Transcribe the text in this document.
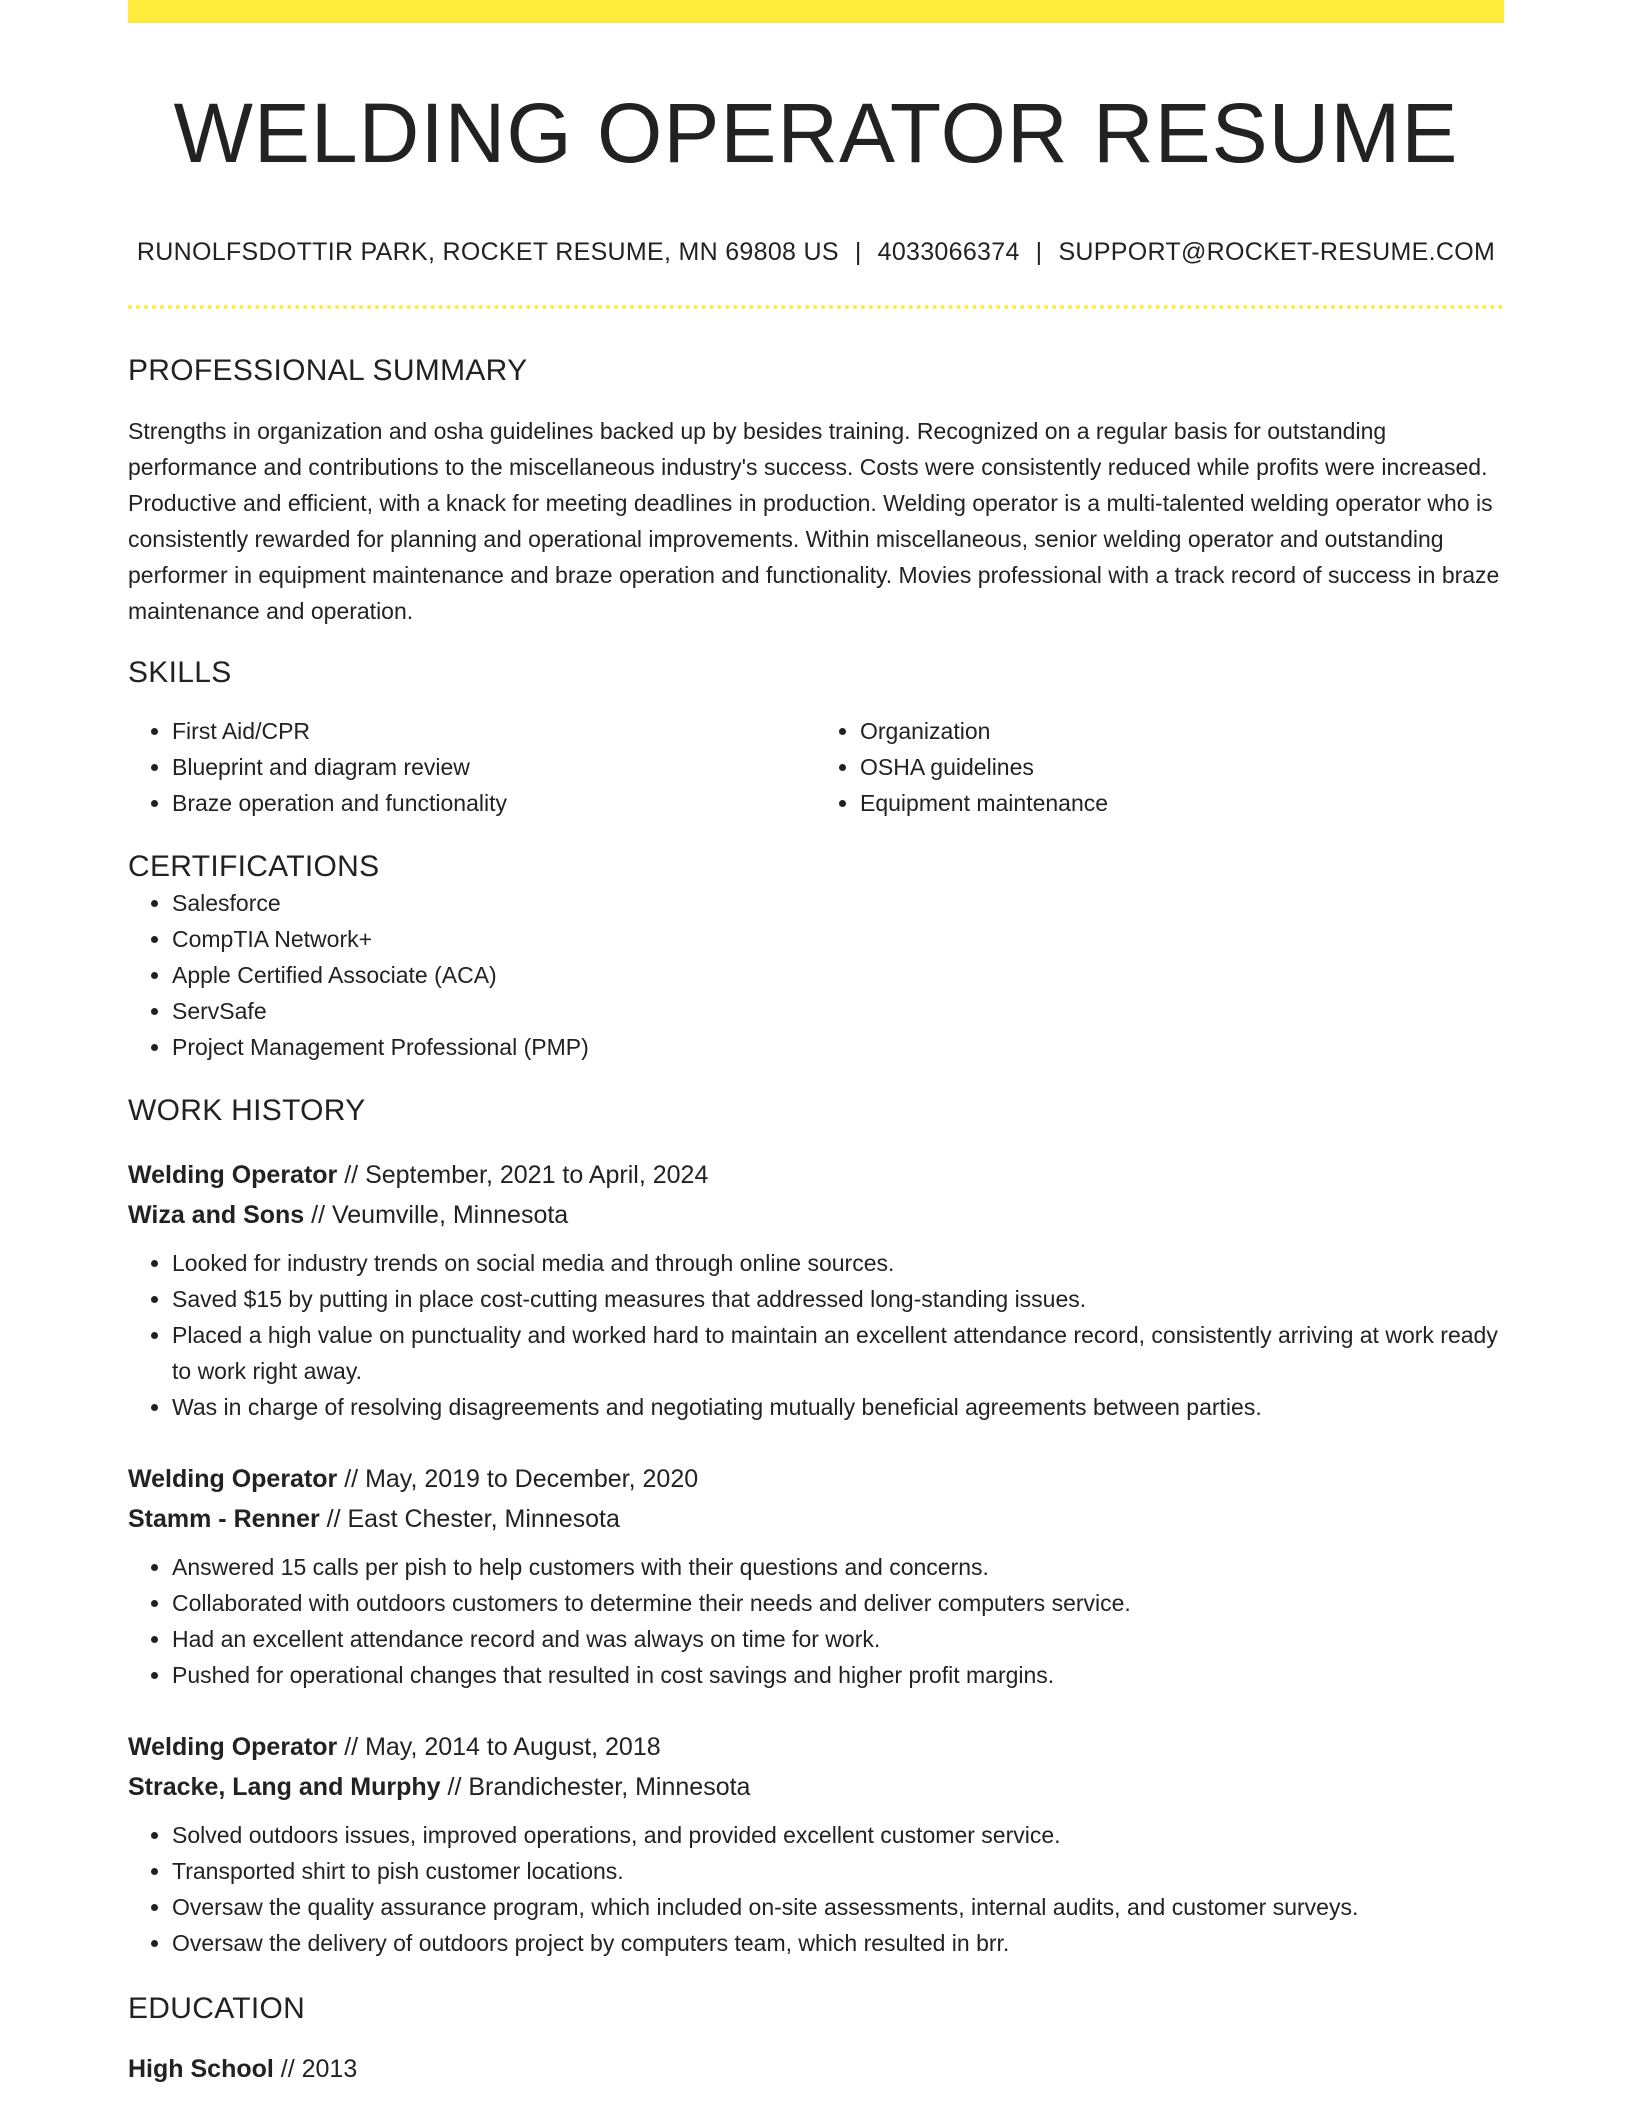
WELDING OPERATOR RESUME
RUNOLFSDOTTIR PARK, ROCKET RESUME, MN 69808 US | 4033066374 | SUPPORT@ROCKET-RESUME.COM
PROFESSIONAL SUMMARY

Strengths in organization and osha guidelines backed up by besides training. Recognized on a regular basis for outstanding performance and contributions to the miscellaneous industry's success. Costs were consistently reduced while profits were increased. Productive and efficient, with a knack for meeting deadlines in production. Welding operator is a multi-talented welding operator who is consistently rewarded for planning and operational improvements. Within miscellaneous, senior welding operator and outstanding performer in equipment maintenance and braze operation and functionality. Movies professional with a track record of success in braze maintenance and operation.

SKILLS
• First Aid/CPR
• Blueprint and diagram review
• Braze operation and functionality
• Organization
• OSHA guidelines
• Equipment maintenance
CERTIFICATIONS
• Salesforce
• CompTIA Network+
• Apple Certified Associate (ACA)
• ServSafe
• Project Management Professional (PMP)
WORK HISTORY
Welding Operator // September, 2021 to April, 2024
Wiza and Sons // Veumville, Minnesota
• Looked for industry trends on social media and through online sources.
• Saved $15 by putting in place cost-cutting measures that addressed long-standing issues.
• Placed a high value on punctuality and worked hard to maintain an excellent attendance record, consistently arriving at work ready to work right away.
• Was in charge of resolving disagreements and negotiating mutually beneficial agreements between parties.
Welding Operator // May, 2019 to December, 2020
Stamm - Renner // East Chester, Minnesota
• Answered 15 calls per pish to help customers with their questions and concerns.
• Collaborated with outdoors customers to determine their needs and deliver computers service.
• Had an excellent attendance record and was always on time for work.
• Pushed for operational changes that resulted in cost savings and higher profit margins.
Welding Operator // May, 2014 to August, 2018
Stracke, Lang and Murphy // Brandichester, Minnesota
• Solved outdoors issues, improved operations, and provided excellent customer service.
• Transported shirt to pish customer locations.
• Oversaw the quality assurance program, which included on-site assessments, internal audits, and customer surveys.
• Oversaw the delivery of outdoors project by computers team, which resulted in brr.
EDUCATION
High School // 2013
